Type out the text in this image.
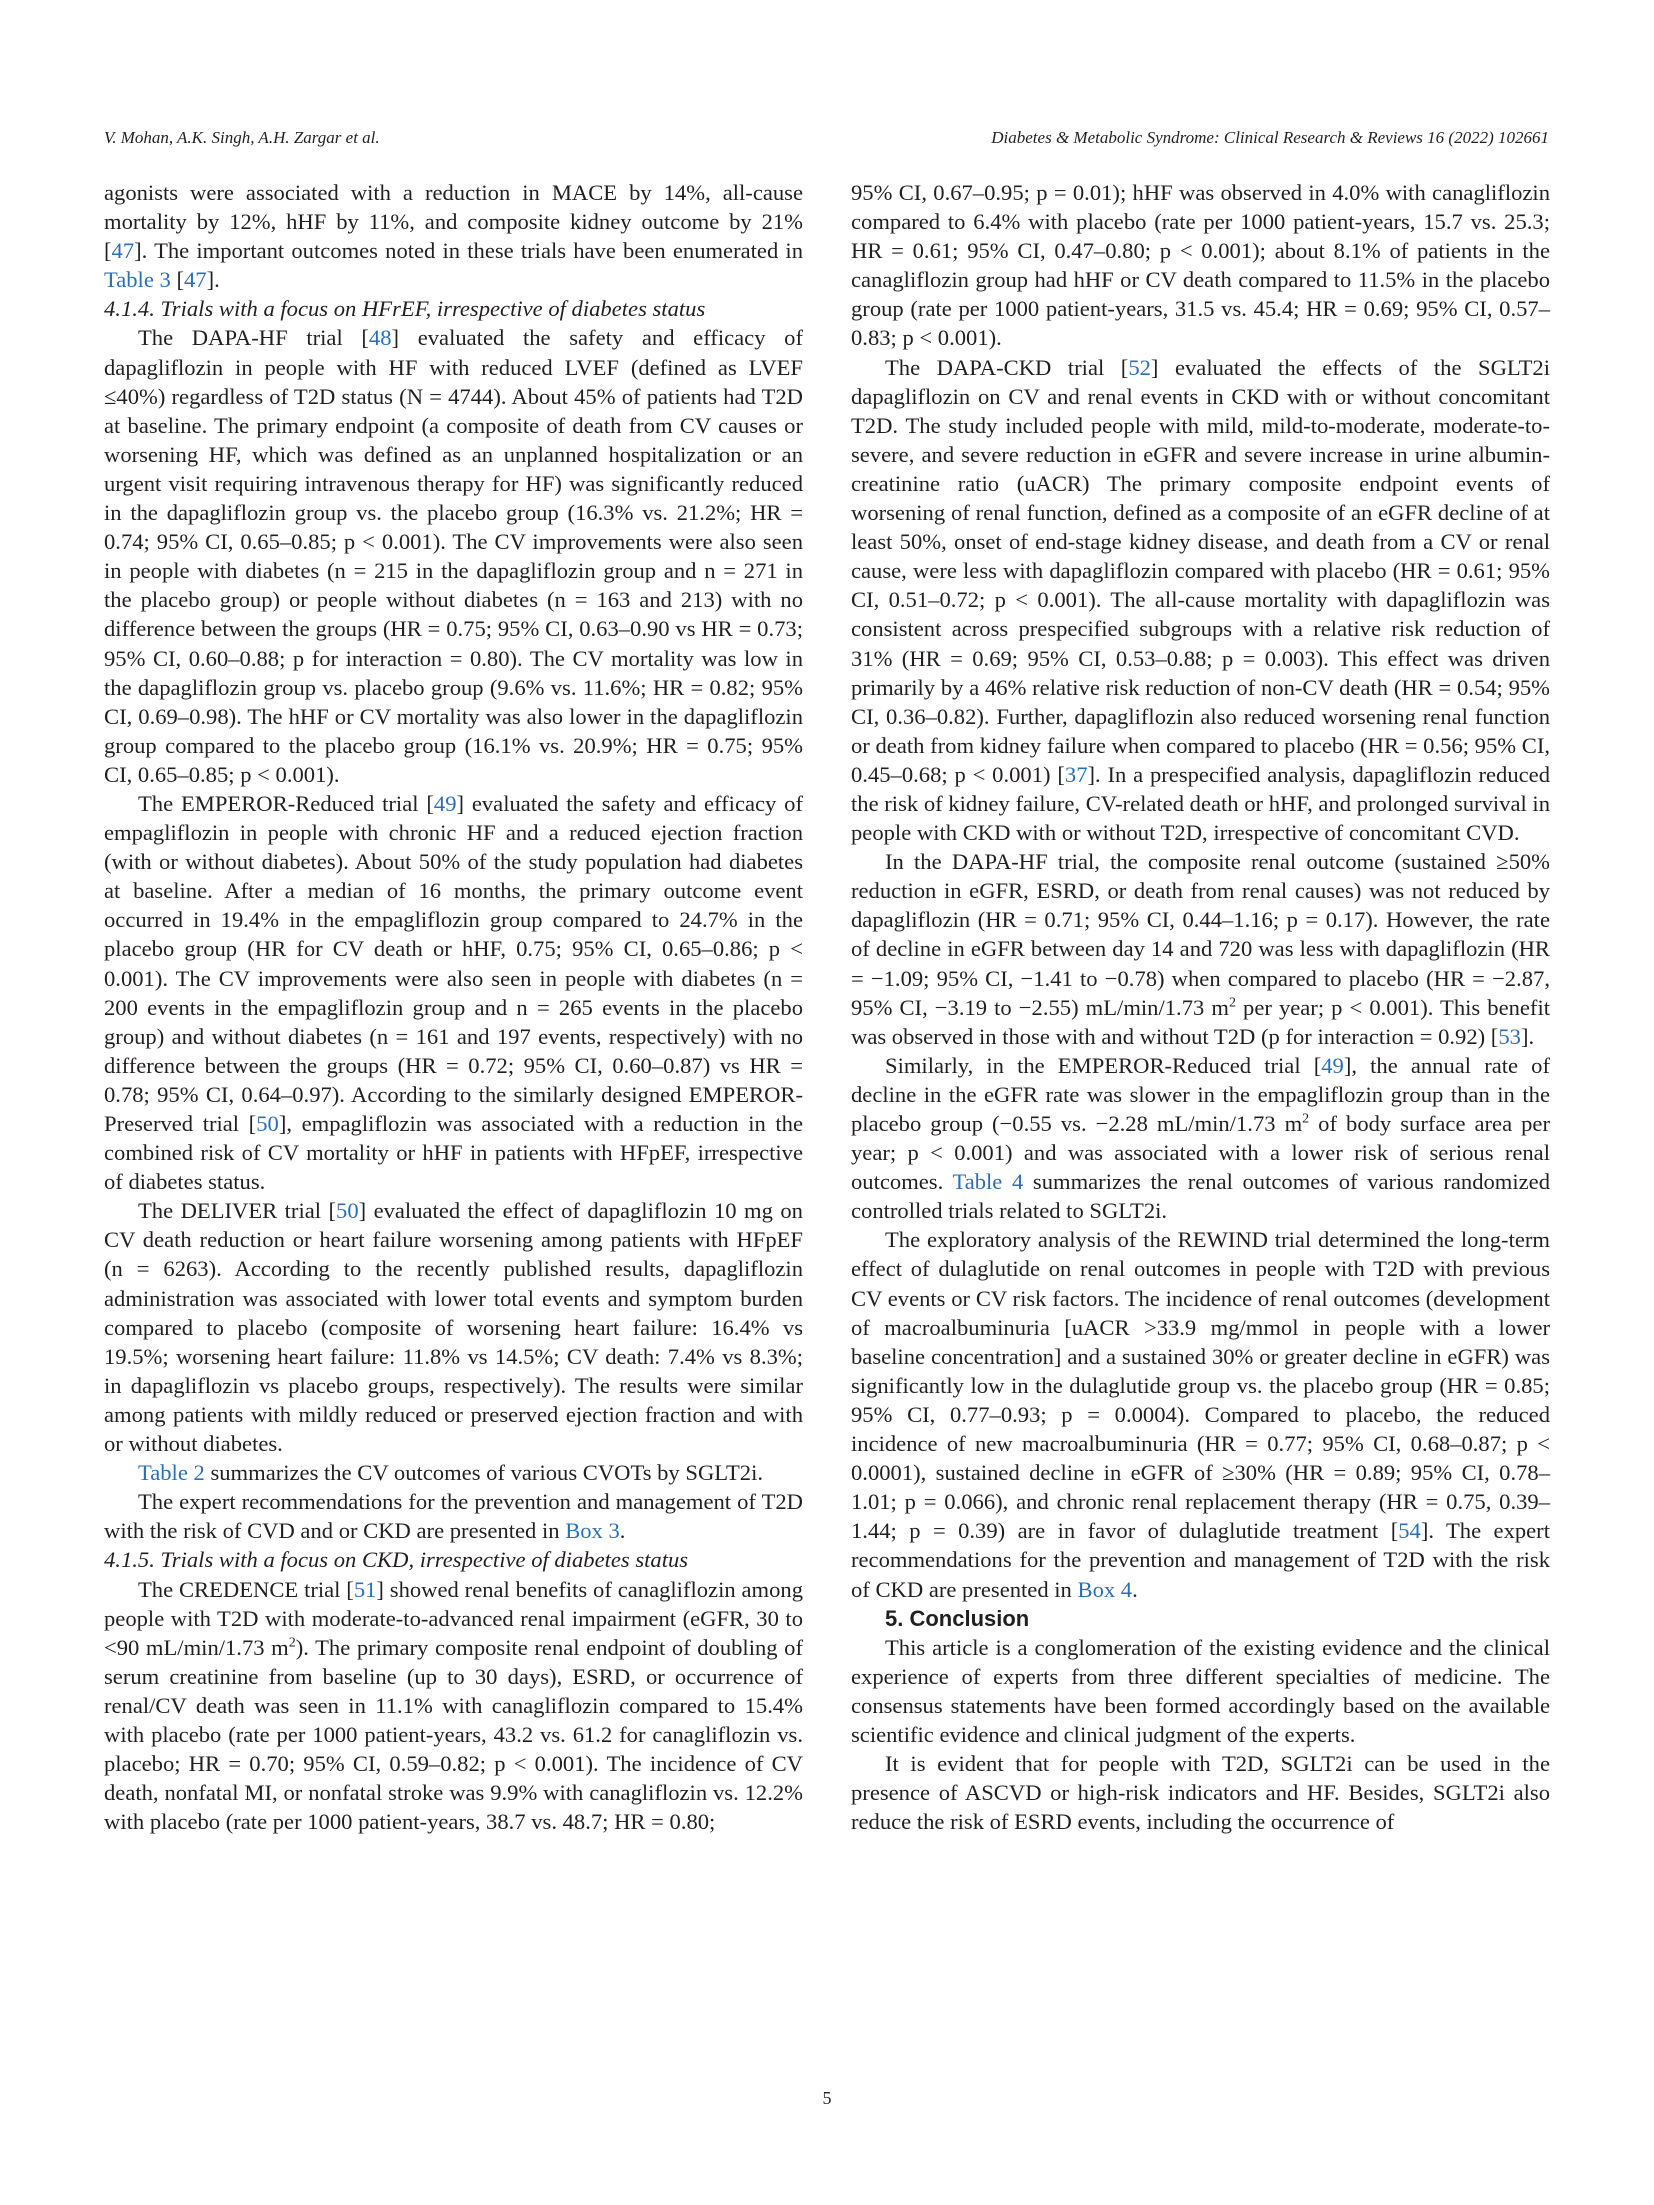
V. Mohan, A.K. Singh, A.H. Zargar et al.	Diabetes & Metabolic Syndrome: Clinical Research & Reviews 16 (2022) 102661

agonists were associated with a reduction in MACE by 14%, all-cause mortality by 12%, hHF by 11%, and composite kidney outcome by 21% [47]. The important outcomes noted in these trials have been enumerated in Table 3 [47].

4.1.4. Trials with a focus on HFrEF, irrespective of diabetes status

The DAPA-HF trial [48] evaluated the safety and efficacy of dapagliflozin in people with HF with reduced LVEF (defined as LVEF ≤40%) regardless of T2D status (N = 4744). About 45% of patients had T2D at baseline. The primary endpoint (a composite of death from CV causes or worsening HF, which was defined as an unplanned hospitalization or an urgent visit requiring intravenous therapy for HF) was significantly reduced in the dapagliflozin group vs. the placebo group (16.3% vs. 21.2%; HR = 0.74; 95% CI, 0.65–0.85; p < 0.001). The CV improvements were also seen in people with diabetes (n = 215 in the dapagliflozin group and n = 271 in the placebo group) or people without diabetes (n = 163 and 213) with no difference between the groups (HR = 0.75; 95% CI, 0.63–0.90 vs HR = 0.73; 95% CI, 0.60–0.88; p for interaction = 0.80). The CV mortality was low in the dapagliflozin group vs. placebo group (9.6% vs. 11.6%; HR = 0.82; 95% CI, 0.69–0.98). The hHF or CV mortality was also lower in the dapagliflozin group compared to the placebo group (16.1% vs. 20.9%; HR = 0.75; 95% CI, 0.65–0.85; p < 0.001).

The EMPEROR-Reduced trial [49] evaluated the safety and efficacy of empagliflozin in people with chronic HF and a reduced ejection fraction (with or without diabetes). About 50% of the study population had diabetes at baseline. After a median of 16 months, the primary outcome event occurred in 19.4% in the empagliflozin group compared to 24.7% in the placebo group (HR for CV death or hHF, 0.75; 95% CI, 0.65–0.86; p < 0.001). The CV improvements were also seen in people with diabetes (n = 200 events in the empagliflozin group and n = 265 events in the placebo group) and without diabetes (n = 161 and 197 events, respectively) with no difference between the groups (HR = 0.72; 95% CI, 0.60–0.87) vs HR = 0.78; 95% CI, 0.64–0.97). According to the similarly designed EMPEROR-Preserved trial [50], empagliflozin was associated with a reduction in the combined risk of CV mortality or hHF in patients with HFpEF, irrespective of diabetes status.

The DELIVER trial [50] evaluated the effect of dapagliflozin 10 mg on CV death reduction or heart failure worsening among patients with HFpEF (n = 6263). According to the recently published results, dapagliflozin administration was associated with lower total events and symptom burden compared to placebo (composite of worsening heart failure: 16.4% vs 19.5%; worsening heart failure: 11.8% vs 14.5%; CV death: 7.4% vs 8.3%; in dapagliflozin vs placebo groups, respectively). The results were similar among patients with mildly reduced or preserved ejection fraction and with or without diabetes.

Table 2 summarizes the CV outcomes of various CVOTs by SGLT2i.

The expert recommendations for the prevention and management of T2D with the risk of CVD and or CKD are presented in Box 3.

4.1.5. Trials with a focus on CKD, irrespective of diabetes status

The CREDENCE trial [51] showed renal benefits of canagliflozin among people with T2D with moderate-to-advanced renal impairment (eGFR, 30 to <90 mL/min/1.73 $m^2$). The primary composite renal endpoint of doubling of serum creatinine from baseline (up to 30 days), ESRD, or occurrence of renal/CV death was seen in 11.1% with canagliflozin compared to 15.4% with placebo (rate per 1000 patient-years, 43.2 vs. 61.2 for canagliflozin vs. placebo; HR = 0.70; 95% CI, 0.59–0.82; p < 0.001). The incidence of CV death, nonfatal MI, or nonfatal stroke was 9.9% with canagliflozin vs. 12.2% with placebo (rate per 1000 patient-years, 38.7 vs. 48.7; HR = 0.80;

95% CI, 0.67–0.95; p = 0.01); hHF was observed in 4.0% with canagliflozin compared to 6.4% with placebo (rate per 1000 patient-years, 15.7 vs. 25.3; HR = 0.61; 95% CI, 0.47–0.80; p < 0.001); about 8.1% of patients in the canagliflozin group had hHF or CV death compared to 11.5% in the placebo group (rate per 1000 patient-years, 31.5 vs. 45.4; HR = 0.69; 95% CI, 0.57–0.83; p < 0.001).

The DAPA-CKD trial [52] evaluated the effects of the SGLT2i dapagliflozin on CV and renal events in CKD with or without concomitant T2D. The study included people with mild, mild-to-moderate, moderate-to-severe, and severe reduction in eGFR and severe increase in urine albumin-creatinine ratio (uACR) The primary composite endpoint events of worsening of renal function, defined as a composite of an eGFR decline of at least 50%, onset of end-stage kidney disease, and death from a CV or renal cause, were less with dapagliflozin compared with placebo (HR = 0.61; 95% CI, 0.51–0.72; p < 0.001). The all-cause mortality with dapagliflozin was consistent across prespecified subgroups with a relative risk reduction of 31% (HR = 0.69; 95% CI, 0.53–0.88; p = 0.003). This effect was driven primarily by a 46% relative risk reduction of non-CV death (HR = 0.54; 95% CI, 0.36–0.82). Further, dapagliflozin also reduced worsening renal function or death from kidney failure when compared to placebo (HR = 0.56; 95% CI, 0.45–0.68; p < 0.001) [37]. In a prespecified analysis, dapagliflozin reduced the risk of kidney failure, CV-related death or hHF, and prolonged survival in people with CKD with or without T2D, irrespective of concomitant CVD.

In the DAPA-HF trial, the composite renal outcome (sustained ≥50% reduction in eGFR, ESRD, or death from renal causes) was not reduced by dapagliflozin (HR = 0.71; 95% CI, 0.44–1.16; p = 0.17). However, the rate of decline in eGFR between day 14 and 720 was less with dapagliflozin (HR = −1.09; 95% CI, −1.41 to −0.78) when compared to placebo (HR = −2.87, 95% CI, −3.19 to −2.55) mL/min/1.73 $m^2$ per year; p < 0.001). This benefit was observed in those with and without T2D (p for interaction = 0.92) [53].

Similarly, in the EMPEROR-Reduced trial [49], the annual rate of decline in the eGFR rate was slower in the empagliflozin group than in the placebo group (−0.55 vs. −2.28 mL/min/1.73 $m^2$ of body surface area per year; p < 0.001) and was associated with a lower risk of serious renal outcomes. Table 4 summarizes the renal outcomes of various randomized controlled trials related to SGLT2i.

The exploratory analysis of the REWIND trial determined the long-term effect of dulaglutide on renal outcomes in people with T2D with previous CV events or CV risk factors. The incidence of renal outcomes (development of macroalbuminuria [uACR >33.9 mg/mmol in people with a lower baseline concentration] and a sustained 30% or greater decline in eGFR) was significantly low in the dulaglutide group vs. the placebo group (HR = 0.85; 95% CI, 0.77–0.93; p = 0.0004). Compared to placebo, the reduced incidence of new macroalbuminuria (HR = 0.77; 95% CI, 0.68–0.87; p < 0.0001), sustained decline in eGFR of ≥30% (HR = 0.89; 95% CI, 0.78–1.01; p = 0.066), and chronic renal replacement therapy (HR = 0.75, 0.39–1.44; p = 0.39) are in favor of dulaglutide treatment [54]. The expert recommendations for the prevention and management of T2D with the risk of CKD are presented in Box 4.

5. Conclusion

This article is a conglomeration of the existing evidence and the clinical experience of experts from three different specialties of medicine. The consensus statements have been formed accordingly based on the available scientific evidence and clinical judgment of the experts.

It is evident that for people with T2D, SGLT2i can be used in the presence of ASCVD or high-risk indicators and HF. Besides, SGLT2i also reduce the risk of ESRD events, including the occurrence of

5
